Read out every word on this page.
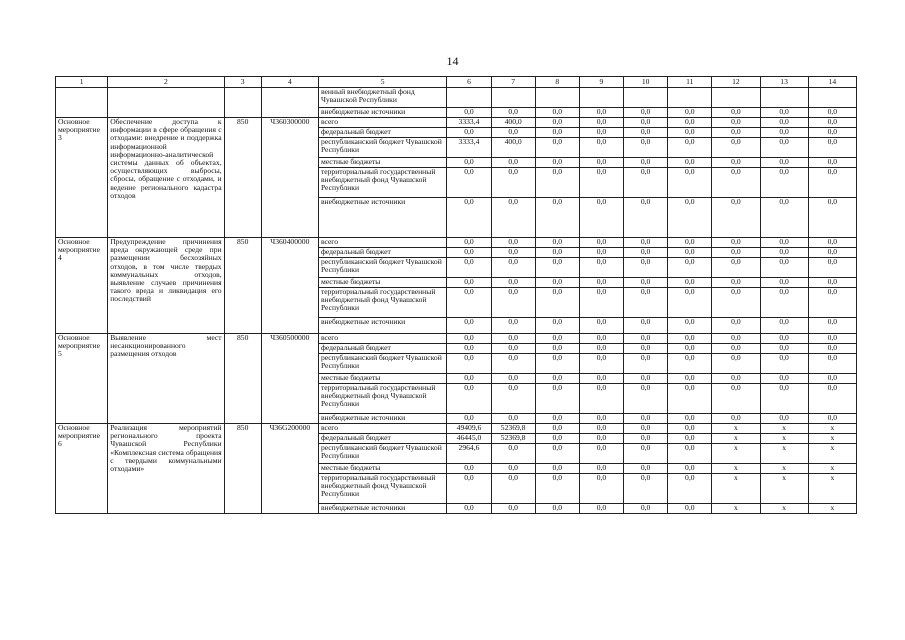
14
1	2	3	4	5	6	7	8	9	10	11	12	13	14
				венный внебюджетный фонд Чувашской Республики									
				внебюджетные источники	0,0	0,0	0,0	0,0	0,0	0,0	0,0	0,0	0,0
Основное мероприятие 3	Обеспечение доступа к информации в сфере обращения с отходами: внедрение и поддержка информационной информационно-аналитической системы данных об объектах, осуществляющих выбросы, сбросы, обращение с отходами, и ведение регионального кадастра отходов	850	Ч360300000	всего	3333,4	400,0	0,0	0,0	0,0	0,0	0,0	0,0	0,0
				федеральный бюджет	0,0	0,0	0,0	0,0	0,0	0,0	0,0	0,0	0,0
				республиканский бюджет Чувашской Республики	3333,4	400,0	0,0	0,0	0,0	0,0	0,0	0,0	0,0
				местные бюджеты	0,0	0,0	0,0	0,0	0,0	0,0	0,0	0,0	0,0
				территориальный государственный внебюджетный фонд Чувашской Республики	0,0	0,0	0,0	0,0	0,0	0,0	0,0	0,0	0,0
				внебюджетные источники	0,0	0,0	0,0	0,0	0,0	0,0	0,0	0,0	0,0
Основное мероприятие 4	Предупреждение причинения вреда окружающей среде при размещении бесхозяйных отходов, в том числе твердых коммунальных отходов, выявление случаев причинения такого вреда и ликвидация его последствий	850	Ч360400000	всего	0,0	0,0	0,0	0,0	0,0	0,0	0,0	0,0	0,0
				федеральный бюджет	0,0	0,0	0,0	0,0	0,0	0,0	0,0	0,0	0,0
				республиканский бюджет Чувашской Республики	0,0	0,0	0,0	0,0	0,0	0,0	0,0	0,0	0,0
				местные бюджеты	0,0	0,0	0,0	0,0	0,0	0,0	0,0	0,0	0,0
				территориальный государственный внебюджетный фонд Чувашской Республики	0,0	0,0	0,0	0,0	0,0	0,0	0,0	0,0	0,0
				внебюджетные источники	0,0	0,0	0,0	0,0	0,0	0,0	0,0	0,0	0,0
Основное мероприятие 5	Выявление мест несанкционированного размещения отходов	850	Ч360500000	всего	0,0	0,0	0,0	0,0	0,0	0,0	0,0	0,0	0,0
				федеральный бюджет	0,0	0,0	0,0	0,0	0,0	0,0	0,0	0,0	0,0
				республиканский бюджет Чувашской Республики	0,0	0,0	0,0	0,0	0,0	0,0	0,0	0,0	0,0
				местные бюджеты	0,0	0,0	0,0	0,0	0,0	0,0	0,0	0,0	0,0
				территориальный государственный внебюджетный фонд Чувашской Республики	0,0	0,0	0,0	0,0	0,0	0,0	0,0	0,0	0,0
				внебюджетные источники	0,0	0,0	0,0	0,0	0,0	0,0	0,0	0,0	0,0
Основное мероприятие 6	Реализация мероприятий регионального проекта Чувашской Республики «Комплексная система обращения с твердыми коммунальными отходами»	850	Ч36G200000	всего	49409,6	52369,8	0,0	0,0	0,0	0,0	x	x	x
				федеральный бюджет	46445,0	52369,8	0,0	0,0	0,0	0,0	x	x	x
				республиканский бюджет Чувашской Республики	2964,6	0,0	0,0	0,0	0,0	0,0	x	x	x
				местные бюджеты	0,0	0,0	0,0	0,0	0,0	0,0	x	x	x
				территориальный государственный внебюджетный фонд Чувашской Республики	0,0	0,0	0,0	0,0	0,0	0,0	x	x	x
				внебюджетные источники	0,0	0,0	0,0	0,0	0,0	0,0	x	x	x
